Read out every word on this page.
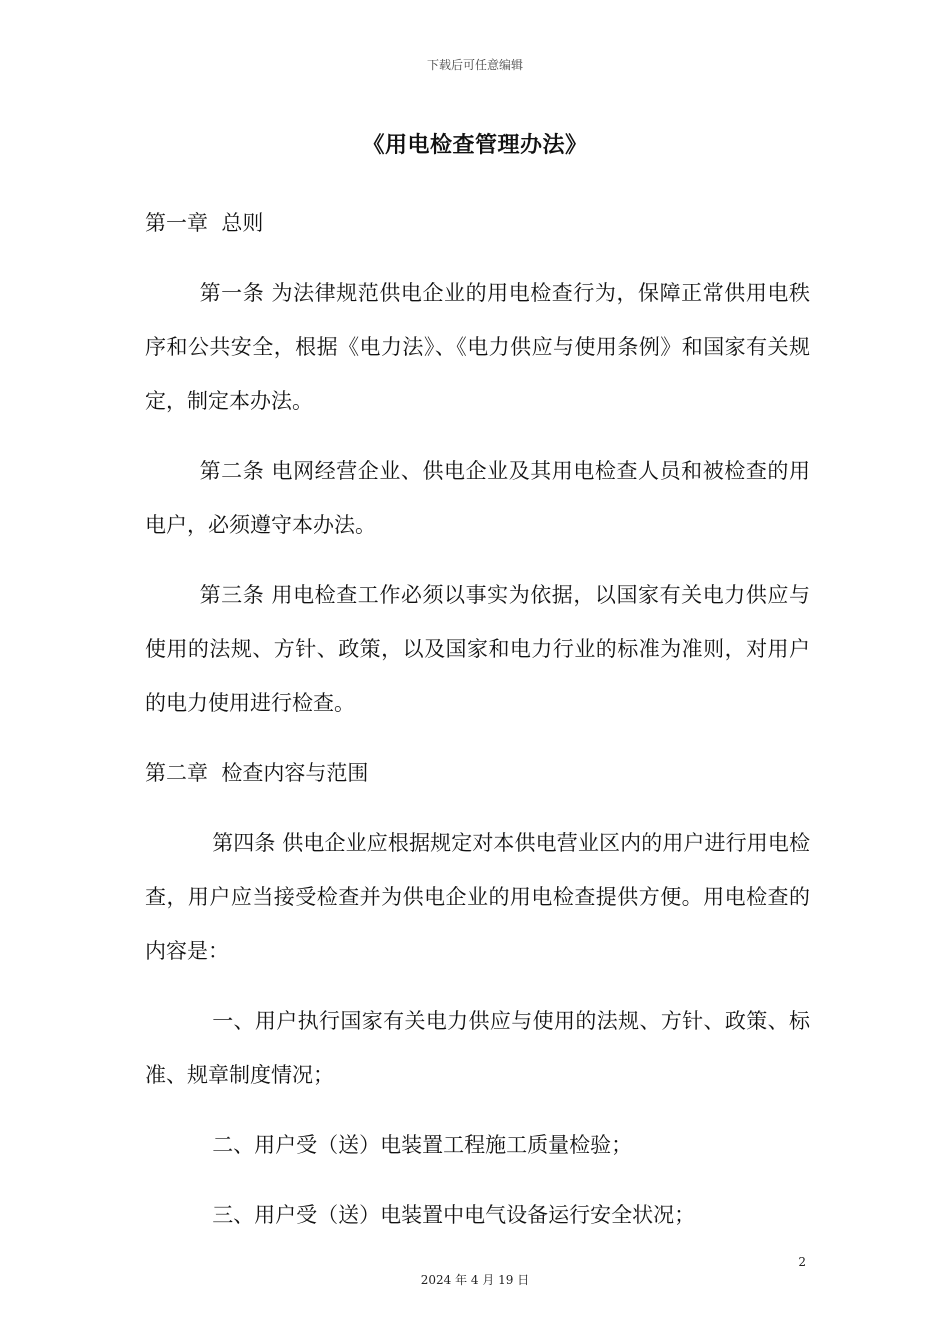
下载后可任意编辑
《用电检查管理办法》
第一章  总则
第一条 为法律规范供电企业的用电检查行为，保障正常供用电秩序和公共安全，根据《电力法》、《电力供应与使用条例》和国家有关规定，制定本办法。
第二条 电网经营企业、供电企业及其用电检查人员和被检查的用电户，必须遵守本办法。
第三条 用电检查工作必须以事实为依据，以国家有关电力供应与使用的法规、方针、政策，以及国家和电力行业的标准为准则，对用户的电力使用进行检查。
第二章  检查内容与范围
第四条 供电企业应根据规定对本供电营业区内的用户进行用电检查，用户应当接受检查并为供电企业的用电检查提供方便。用电检查的内容是：
一、用户执行国家有关电力供应与使用的法规、方针、政策、标准、规章制度情况；
二、用户受（送）电装置工程施工质量检验；
三、用户受（送）电装置中电气设备运行安全状况；
2
2024 年 4 月 19 日
